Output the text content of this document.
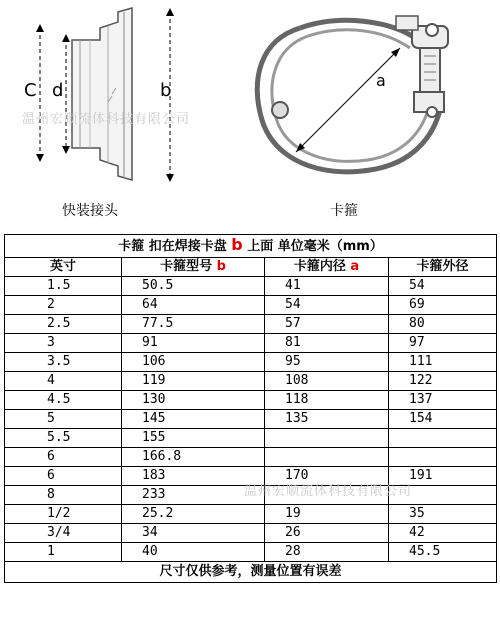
C d	b	a
快装接头	卡箍
温州宏顺流体科技有限公司
温州宏顺流体科技有限公司
卡箍 扣在焊接卡盘 b 上面 单位毫米（mm）			
英寸	卡箍型号 b	卡箍内径 a	卡箍外径
1.5	50.5	41	54
2	64	54	69
2.5	77.5	57	80
3	91	81	97
3.5	106	95	111
4	119	108	122
4.5	130	118	137
5	145	135	154
5.5	155		
6	166.8		
6	183	170	191
8	233		
1/2	25.2	19	35
3/4	34	26	42
1	40	28	45.5
尺寸仅供参考，测量位置有误差			
